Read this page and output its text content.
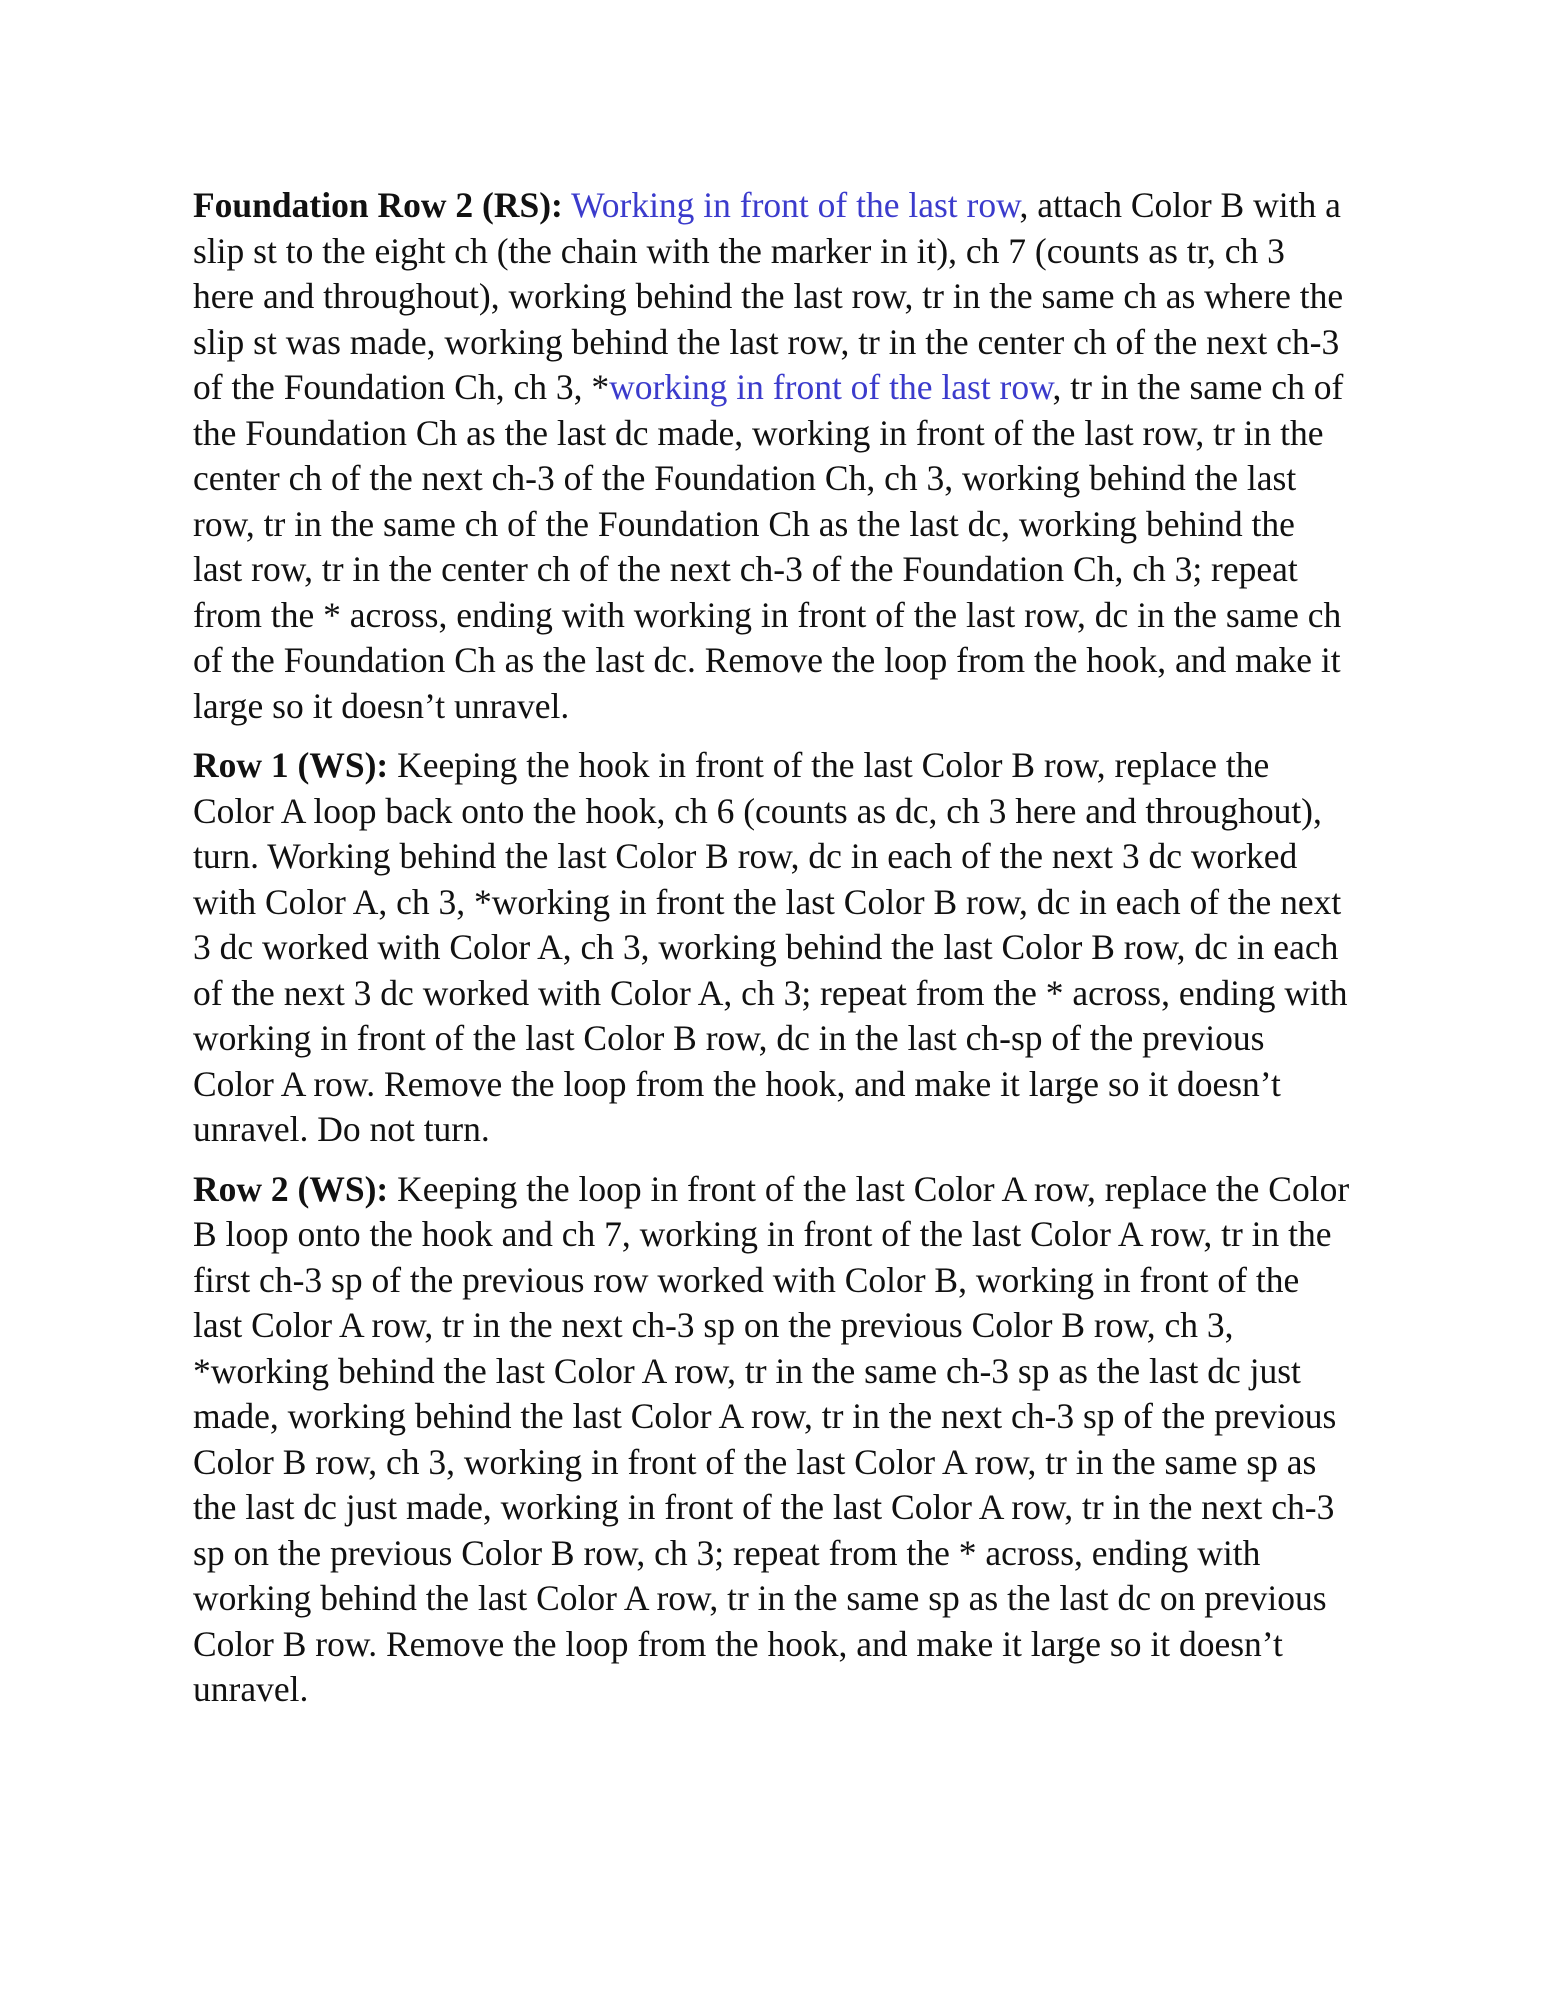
Foundation Row 2 (RS): Working in front of the last row, attach Color B with a slip st to the eight ch (the chain with the marker in it), ch 7 (counts as tr, ch 3 here and throughout), working behind the last row, tr in the same ch as where the slip st was made, working behind the last row, tr in the center ch of the next ch-3 of the Foundation Ch, ch 3, *working in front of the last row, tr in the same ch of the Foundation Ch as the last dc made, working in front of the last row, tr in the center ch of the next ch-3 of the Foundation Ch, ch 3, working behind the last row, tr in the same ch of the Foundation Ch as the last dc, working behind the last row, tr in the center ch of the next ch-3 of the Foundation Ch, ch 3; repeat from the * across, ending with working in front of the last row, dc in the same ch of the Foundation Ch as the last dc. Remove the loop from the hook, and make it large so it doesn’t unravel.

Row 1 (WS): Keeping the hook in front of the last Color B row, replace the Color A loop back onto the hook, ch 6 (counts as dc, ch 3 here and throughout), turn. Working behind the last Color B row, dc in each of the next 3 dc worked with Color A, ch 3, *working in front the last Color B row, dc in each of the next 3 dc worked with Color A, ch 3, working behind the last Color B row, dc in each of the next 3 dc worked with Color A, ch 3; repeat from the * across, ending with working in front of the last Color B row, dc in the last ch-sp of the previous Color A row. Remove the loop from the hook, and make it large so it doesn’t unravel. Do not turn.

Row 2 (WS): Keeping the loop in front of the last Color A row, replace the Color B loop onto the hook and ch 7, working in front of the last Color A row, tr in the first ch-3 sp of the previous row worked with Color B, working in front of the last Color A row, tr in the next ch-3 sp on the previous Color B row, ch 3, *working behind the last Color A row, tr in the same ch-3 sp as the last dc just made, working behind the last Color A row, tr in the next ch-3 sp of the previous Color B row, ch 3, working in front of the last Color A row, tr in the same sp as the last dc just made, working in front of the last Color A row, tr in the next ch-3 sp on the previous Color B row, ch 3; repeat from the * across, ending with working behind the last Color A row, tr in the same sp as the last dc on previous Color B row. Remove the loop from the hook, and make it large so it doesn’t unravel.
